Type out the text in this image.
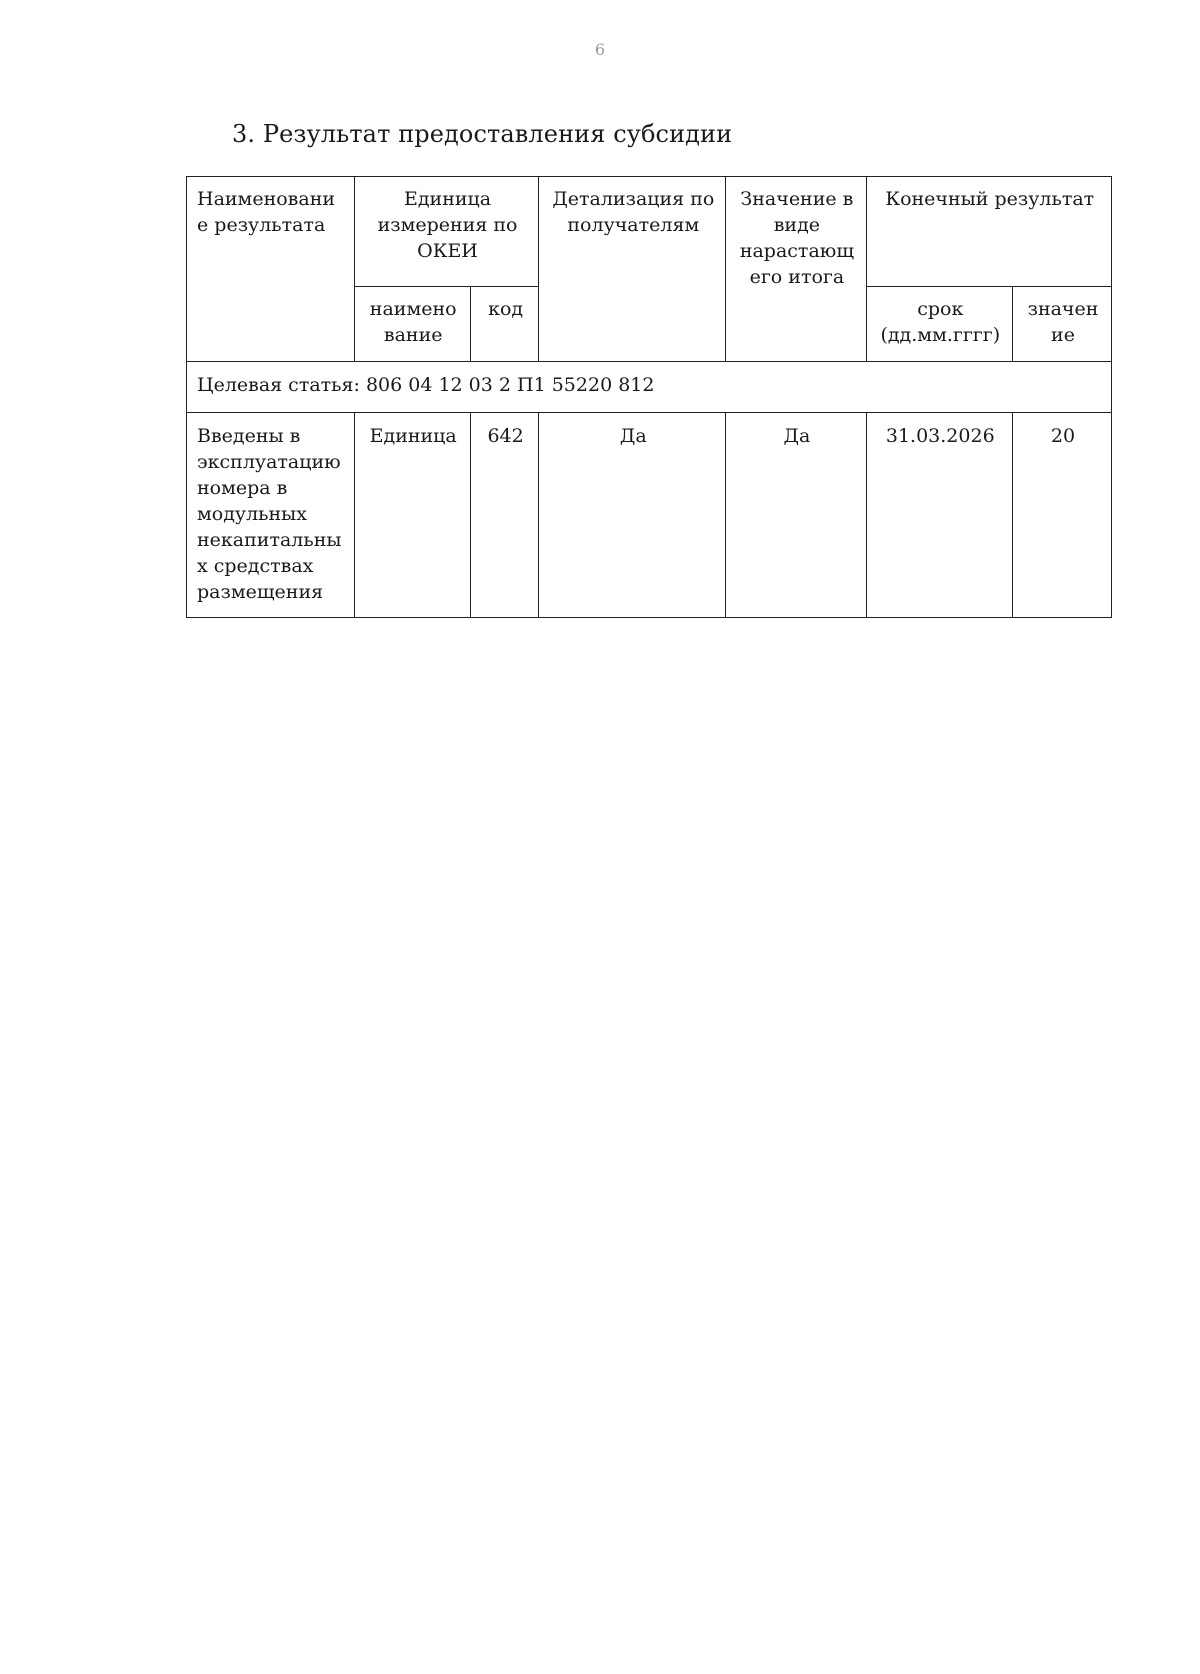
6
3. Результат предоставления субсидии
Наименование результата	Единица измерения по ОКЕИ		Детализация по получателям	Значение в виде нарастающ его итога	Конечный результат	
	наимено вание	код			срок (дд.мм.гггг)	значен ие
Целевая статья: 806 04 12 03 2 П1 55220 812						
Введены в эксплуатацию номера в модульных некапитальны х средствах размещения	Единица	642	Да	Да	31.03.2026	20
